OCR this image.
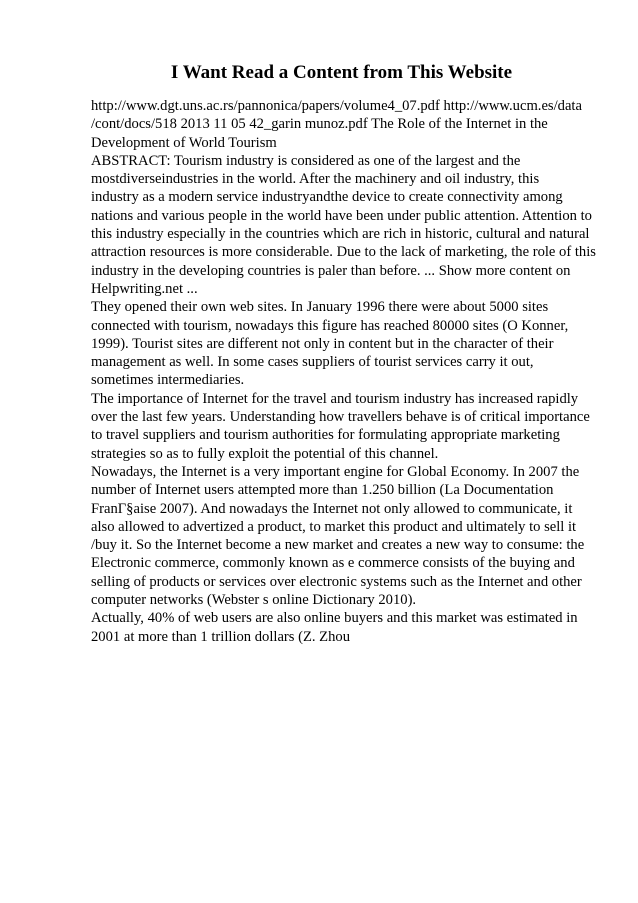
I Want Read a Content from This Website
http://www.dgt.uns.ac.rs/pannonica/papers/volume4_07.pdf http://www.ucm.es/data
/cont/docs/518 2013 11 05 42_garin munoz.pdf The Role of the Internet in the
Development of World Tourism
ABSTRACT: Tourism industry is considered as one of the largest and the
mostdiverseindustries in the world. After the machinery and oil industry, this
industry as a modern service industryandthe device to create connectivity among
nations and various people in the world have been under public attention. Attention to
this industry especially in the countries which are rich in historic, cultural and natural
attraction resources is more considerable. Due to the lack of marketing, the role of this
industry in the developing countries is paler than before. ... Show more content on
Helpwriting.net ...
They opened their own web sites. In January 1996 there were about 5000 sites
connected with tourism, nowadays this figure has reached 80000 sites (O Konner,
1999). Tourist sites are different not only in content but in the character of their
management as well. In some cases suppliers of tourist services carry it out,
sometimes intermediaries.
The importance of Internet for the travel and tourism industry has increased rapidly
over the last few years. Understanding how travellers behave is of critical importance
to travel suppliers and tourism authorities for formulating appropriate marketing
strategies so as to fully exploit the potential of this channel.
Nowadays, the Internet is a very important engine for Global Economy. In 2007 the
number of Internet users attempted more than 1.250 billion (La Documentation
FranΓ§aise 2007). And nowadays the Internet not only allowed to communicate, it
also allowed to advertized a product, to market this product and ultimately to sell it
/buy it. So the Internet become a new market and creates a new way to consume: the
Electronic commerce, commonly known as e commerce consists of the buying and
selling of products or services over electronic systems such as the Internet and other
computer networks (Webster s online Dictionary 2010).
Actually, 40% of web users are also online buyers and this market was estimated in
2001 at more than 1 trillion dollars (Z. Zhou
